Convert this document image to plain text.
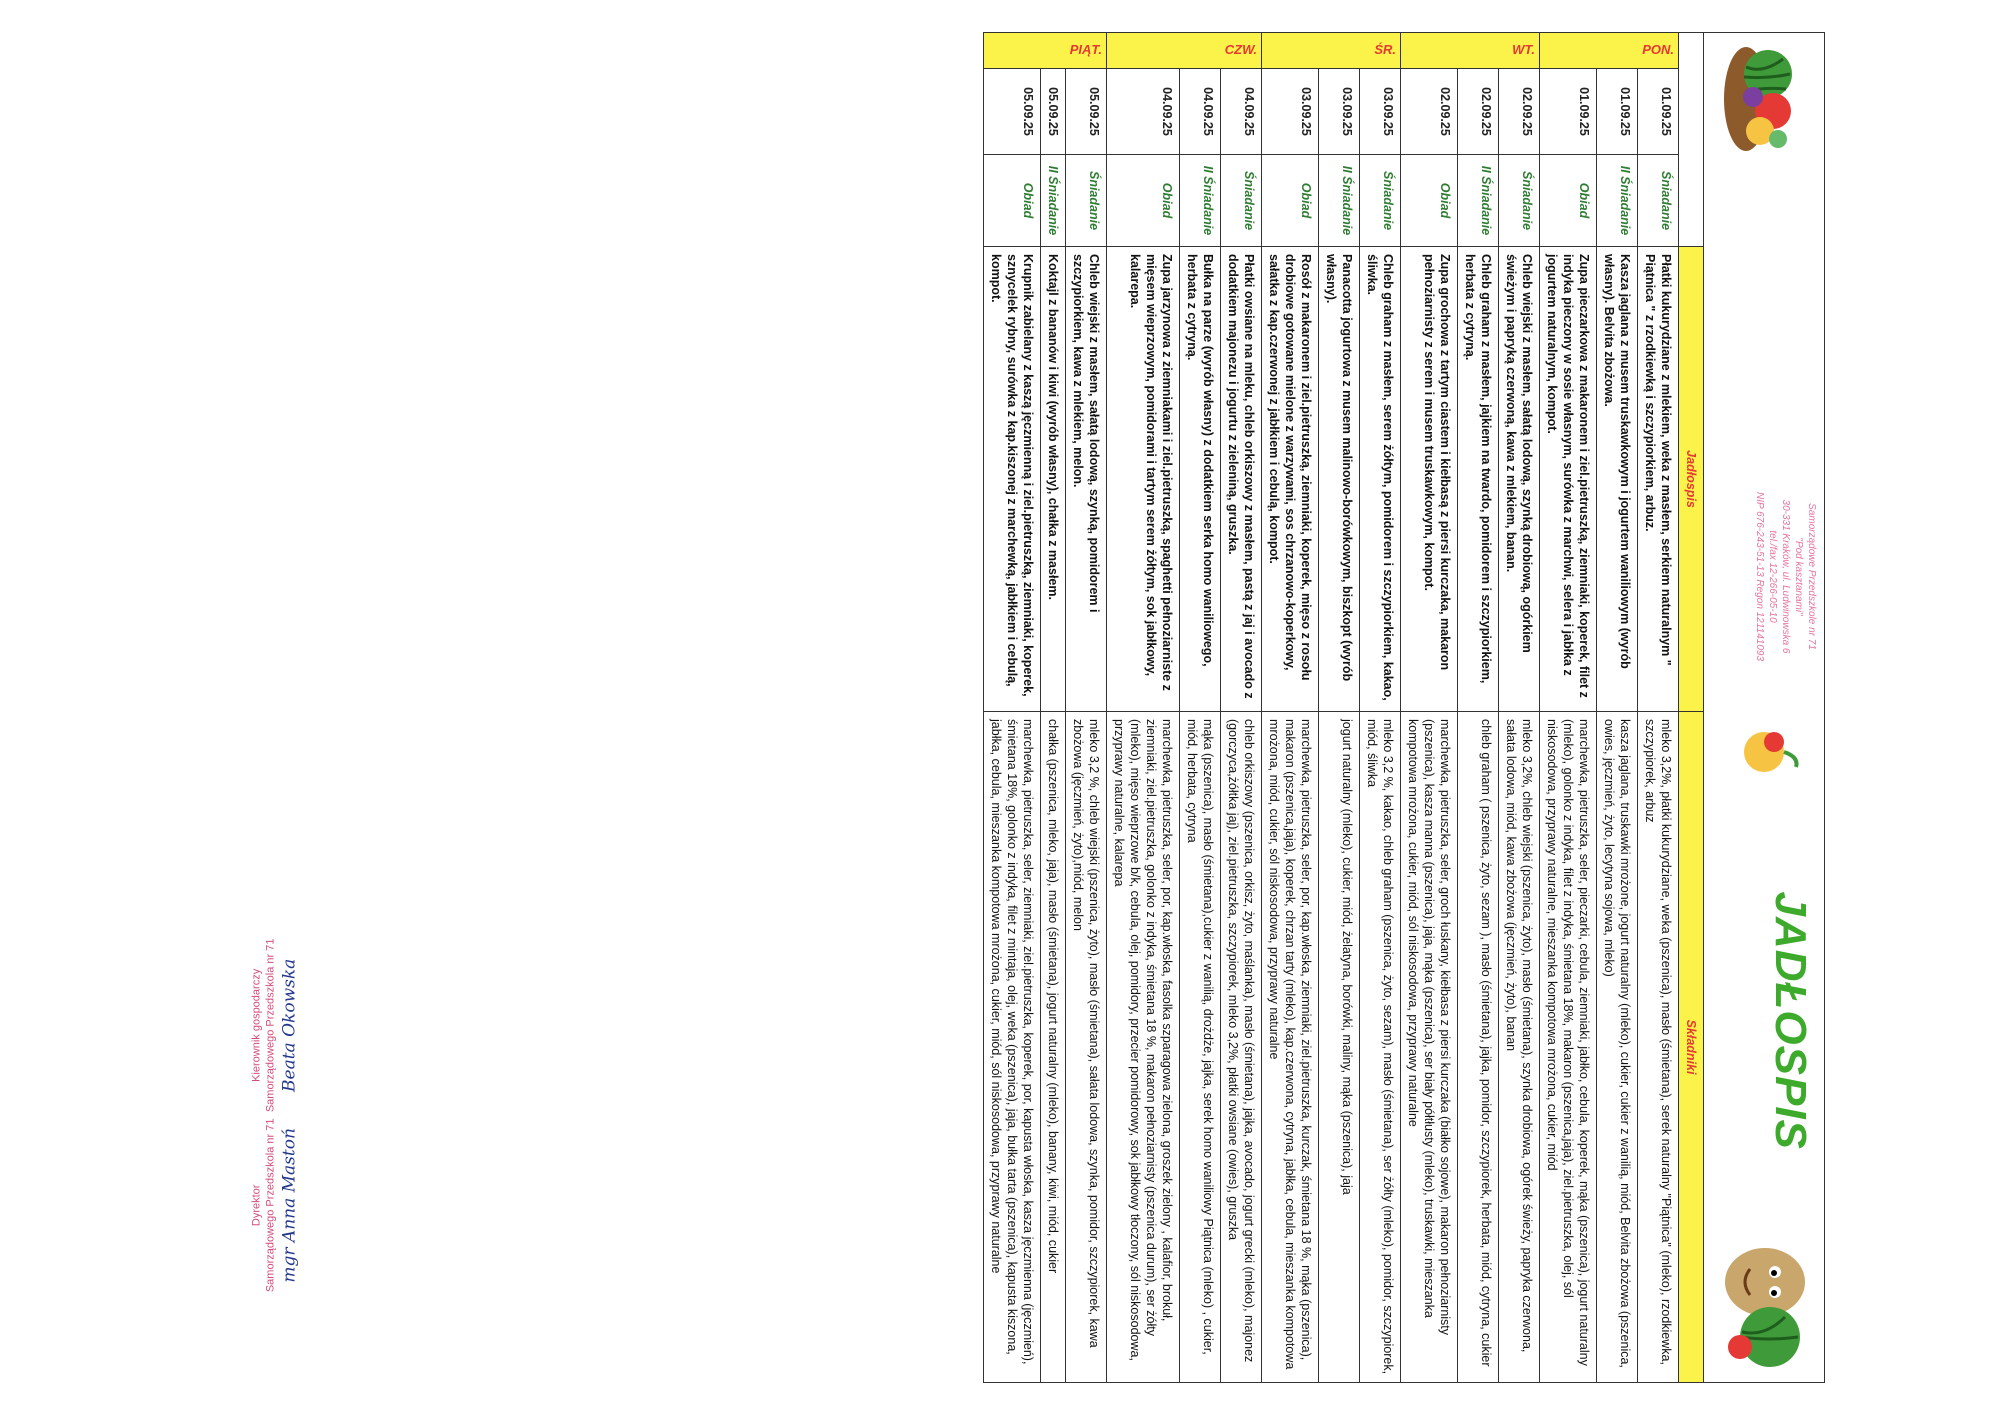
Samorządowe Przedszkole nr 71
"Pod kasztanami"
30-331 Kraków, ul. Ludwinowska 6
tel./fax 12-266-05-10
NIP 676-243-51-13 Regon 121141093	JADŁOSPIS

			Jadłospis	Składniki
PON.	01.09.25	Śniadanie	Płatki kukurydziane z mlekiem, weka z masłem, serkiem naturalnym " Piątnica " z rzodkiewką i szczypiorkiem, arbuz.	mleko 3,2%, płatki kukurydziane, weka (pszenica), masło (śmietana), serek naturalny "Piątnica" (mleko), rzodkiewka, szczypiorek, arbuz
	01.09.25	II Śniadanie	Kasza jaglana z musem truskawkowym i jogurtem waniliowym (wyrób własny). Belvita zbożowa.	kasza jaglana, truskawki mrożone, jogurt naturalny (mleko), cukier, cukier z wanilią, miód, Belvita zbożowa (pszenica, owies, jęczmień, żyto, lecytyna sojowa, mleko)
	01.09.25	Obiad	Zupa pieczarkowa z makaronem i ziel.pietruszką, ziemniaki, koperek, filet z indyka pieczony w sosie własnym, surówka z marchwi, selera i jabłka z jogurtem naturalnym, kompot.	marchewka, pietruszka, seler, pieczarki, cebula, ziemniaki, jabłko, cebula, koperek, mąka (pszenica), jogurt naturalny (mleko), golonko z indyka, filet z indyka, śmietana 18%, makaron (pszenica,jaja), ziel.pietruszka, olej, sól niskosodowa, przyprawy naturalne, mieszanka kompotowa mrożona, cukier, miód
WT.	02.09.25	Śniadanie	Chleb wiejski z masłem, sałatą lodową, szynką drobiową, ogórkiem świeżym i papryką czerwoną, kawa z mlekiem, banan.	mleko 3,2%, chleb wiejski (pszenica, żyto), masło (śmietana), szynka drobiowa, ogórek świeży, papryka czerwona, sałata lodowa, miód, kawa zbożowa (jęczmień, żyto), banan
	02.09.25	II Śniadanie	Chleb graham z masłem, jajkiem na twardo, pomidorem i szczypiorkiem, herbata z cytryną.	chleb graham ( pszenica, żyto, sezam ), masło (śmietana), jajka, pomidor, szczypiorek, herbata, miód, cytryna, cukier
	02.09.25	Obiad	Zupa grochowa z tartym ciastem i kiełbasą z piersi kurczaka, makaron pełnoziarnisty z serem i musem truskawkowym, kompot.	marchewka, pietruszka, seler, groch łuskany, kiełbasa z piersi kurczaka (białko sojowe), makaron pełnoziarnisty (pszenica), kasza manna (pszenica), jaja, mąka (pszenica), ser biały półtłusty (mleko), truskawki, mieszanka kompotowa mrożona, cukier, miód, sól niskosodowa, przyprawy naturalne
ŚR.	03.09.25	Śniadanie	Chleb graham z masłem, serem żółtym, pomidorem i szczypiorkiem, kakao, śliwka.	mleko 3,2 %, kakao, chleb graham (pszenica, żyto, sezam), masło (śmietana), ser żółty (mleko), pomidor, szczypiorek, miód, śliwka
	03.09.25	II Śniadanie	Panacotta jogurtowa z musem malinowo-borówkowym, biszkopt (wyrób własny).	jogurt naturalny (mleko), cukier, miód, żelatyna, borówki, maliny, mąka (pszenica), jaja
	03.09.25	Obiad	Rosół z makaronem i ziel.pietruszką, ziemniaki, koperek, mięso z rosołu drobiowe gotowane mielone z warzywami, sos chrzanowo-koperkowy, sałatka z kap.czerwonej z jabłkiem i cebulą, kompot.	marchewka, pietruszka, seler, por, kap.włoska, ziemniaki, ziel.pietruszka, kurczak, śmietana 18 %, mąka (pszenica), makaron (pszenica,jaja), koperek, chrzan tarty (mleko), kap.czerwona, cytryna, jabłka, cebula, mieszanka kompotowa mrożona, miód, cukier, sól niskosodowa, przyprawy naturalne
CZW.	04.09.25	Śniadanie	Płatki owsiane na mleku, chleb orkiszowy z masłem, pastą z jaj i avocado z dodatkiem majonezu i jogurtu z zieleniną, gruszka.	chleb orkiszowy (pszenica, orkisz, żyto, maślanka), masło (śmietana), jajka, avocado, jogurt grecki (mleko), majonez (gorczyca,żółtka jaj), ziel.pietruszka, szczypiorek, mleko 3,2%, płatki owsiane (owies), gruszka
	04.09.25	II Śniadanie	Bułka na parze (wyrób własny) z dodatkiem serka homo waniliowego, herbata z cytryną.	mąka (pszenica), masło (śmietana),cukier z wanilią, drożdże, jajka, serek homo waniliowy Piątnica (mleko) , cukier, miód, herbata, cytryna
	04.09.25	Obiad	Zupa jarzynowa z ziemniakami i ziel.pietruszką, spaghetti pełnoziarniste z mięsem wieprzowym, pomidorami i tartym serem żółtym, sok jabłkowy, kalarepa.	marchewka, pietruszka, seler, por, kap.włoska, fasolka szparagowa zielona, groszek zielony , kalafior, brokuł, ziemniaki, ziel.pietruszka, golonko z indyka, śmietana 18 %, makaron pełnoziarnisty (pszenica durum), ser żółty (mleko), mięso wieprzowe b/k, cebula, olej, pomidory, przecier pomidorowy, sok jabłkowy tłoczony, sól niskosodowa, przyprawy naturalne, kalarepa
PIĄT.	05.09.25	Śniadanie	Chleb wiejski z masłem, sałatą lodową, szynką, pomidorem i szczypiorkiem, kawa z mlekiem, melon.	mleko 3,2 %, chleb wiejski (pszenica, żyto), masło (śmietana), sałata lodowa, szynka, pomidor, szczypiorek, kawa zbożowa (jęczmień, żyto),miód, melon
	05.09.25	II Śniadanie	Koktajl z bananów i kiwi (wyrób własny), chałka z masłem.	chałka (pszenica, mleko, jaja), masło (śmietana), jogurt naturalny (mleko), banany, kiwi, miód, cukier
	05.09.25	Obiad	Krupnik zabielany z kaszą jęczmienną i ziel.pietruszką, ziemniaki, koperek, sznycelek rybny, surówka z kap.kiszonej z marchewką, jabłkiem i cebulą, kompot.	marchewka, pietruszka, seler, ziemniaki, ziel.pietruszka, koperek, por, kapusta włoska, kasza jęczmienna (jęczmień), śmietana 18%, golonko z indyka, filet z mintaja, olej, weka (pszenica), jaja, bułka tarta (pszenica), kapusta kiszona, jabłka, cebula, mieszanka kompotowa mrożona, cukier, miód, sól niskosodowa, przyprawy naturalne
Kierownik gospodarczy Samorządowego Przedszkola nr 71 Beata Okowska
Dyrektor Samorządowego Przedszkola nr 71 mgr Anna Mastoń
